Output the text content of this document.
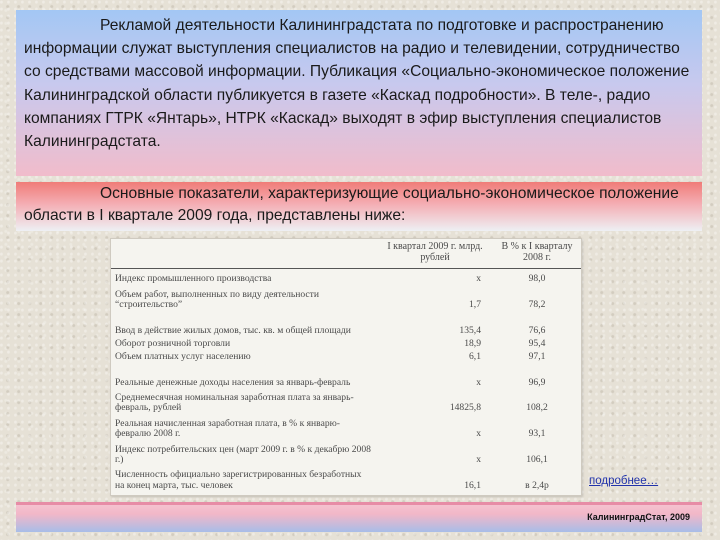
Рекламой деятельности Калининградстата по подготовке и распространению информации служат выступления специалистов на радио и телевидении, сотрудничество со средствами массовой информации. Публикация «Социально-экономическое положение Калининградской области публикуется в газете «Каскад подробности». В теле-, радио компаниях ГТРК «Янтарь», НТРК «Каскад» выходят в эфир выступления специалистов Калининградстата.

Основные показатели, характеризующие социально-экономическое положение области в I квартале 2009 года, представлены ниже:

	I квартал 2009 г. млрд. рублей	В % к I кварталу 2008 г.
Индекс промышленного производства	х	98,0
Объем работ, выполненных по виду деятельности “строительство”	1,7	78,2
Ввод в действие жилых домов, тыс. кв. м общей площади	135,4	76,6
Оборот розничной торговли	18,9	95,4
Объем платных услуг населению	6,1	97,1
Реальные денежные доходы населения за январь-февраль	х	96,9
Среднемесячная номинальная заработная плата за январь-февраль, рублей	14825,8	108,2
Реальная начисленная заработная плата, в % к январю-февралю 2008 г.	х	93,1
Индекс потребительских цен (март 2009 г. в % к декабрю 2008 г.)	х	106,1
Численность официально зарегистрированных безработных на конец марта, тыс. человек	16,1	в 2,4р	подробнее…
КалининградСтат, 2009
